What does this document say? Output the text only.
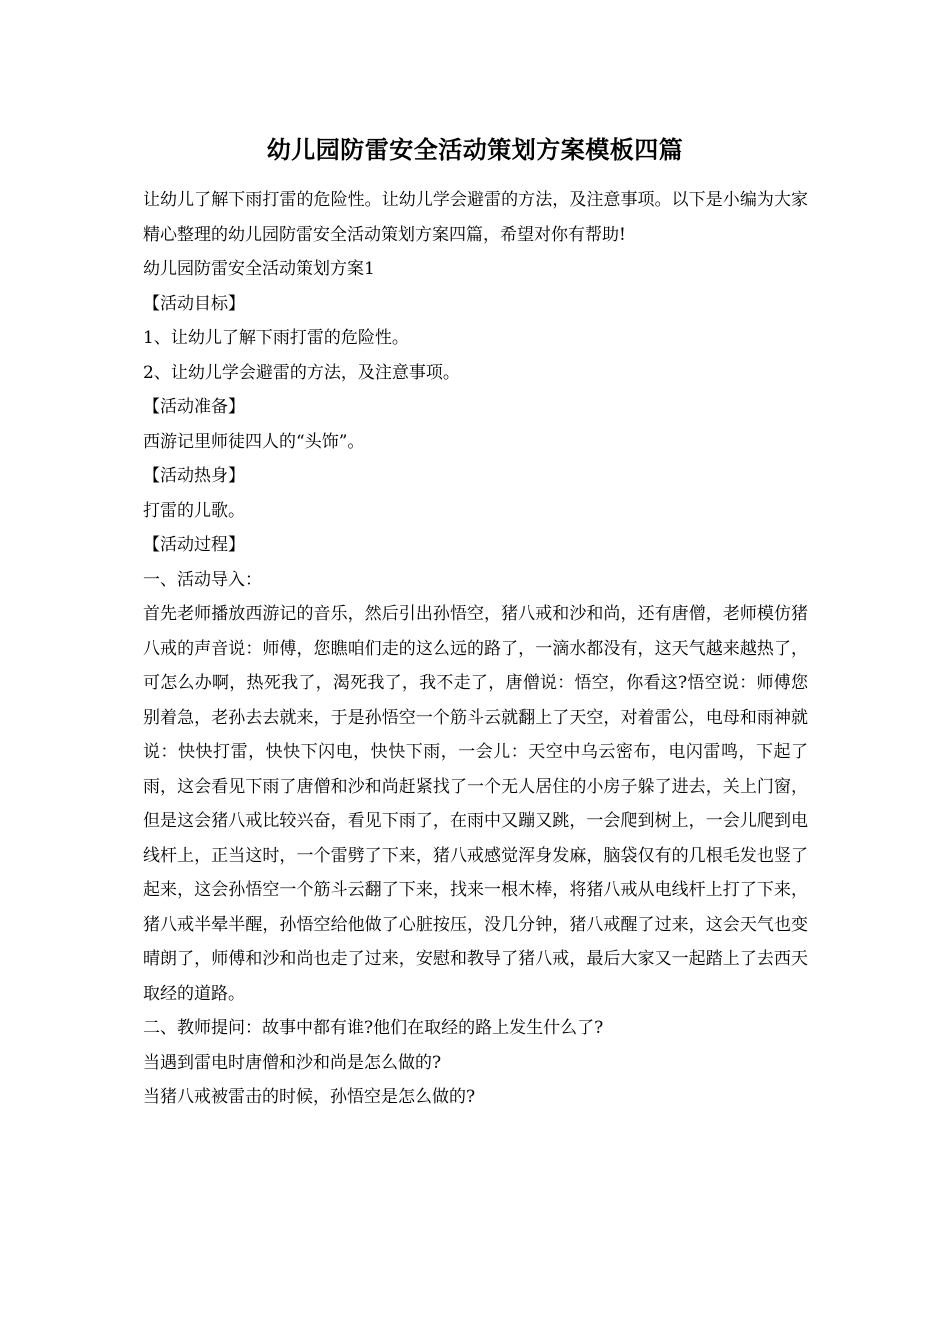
幼儿园防雷安全活动策划方案模板四篇

让幼儿了解下雨打雷的危险性。让幼儿学会避雷的方法，及注意事项。以下是小编为大家精心整理的幼儿园防雷安全活动策划方案四篇，希望对你有帮助!

幼儿园防雷安全活动策划方案1

【活动目标】

1、让幼儿了解下雨打雷的危险性。

2、让幼儿学会避雷的方法，及注意事项。

【活动准备】

西游记里师徒四人的“头饰”。

【活动热身】

打雷的儿歌。

【活动过程】

一、活动导入：

首先老师播放西游记的音乐，然后引出孙悟空，猪八戒和沙和尚，还有唐僧，老师模仿猪八戒的声音说：师傅，您瞧咱们走的这么远的路了，一滴水都没有，这天气越来越热了，可怎么办啊，热死我了，渴死我了，我不走了，唐僧说：悟空，你看这?悟空说：师傅您别着急，老孙去去就来，于是孙悟空一个筋斗云就翻上了天空，对着雷公，电母和雨神就说：快快打雷，快快下闪电，快快下雨，一会儿：天空中乌云密布，电闪雷鸣，下起了雨，这会看见下雨了唐僧和沙和尚赶紧找了一个无人居住的小房子躲了进去，关上门窗，但是这会猪八戒比较兴奋，看见下雨了，在雨中又蹦又跳，一会爬到树上，一会儿爬到电线杆上，正当这时，一个雷劈了下来，猪八戒感觉浑身发麻，脑袋仅有的几根毛发也竖了起来，这会孙悟空一个筋斗云翻了下来，找来一根木棒，将猪八戒从电线杆上打了下来，猪八戒半晕半醒，孙悟空给他做了心脏按压，没几分钟，猪八戒醒了过来，这会天气也变晴朗了，师傅和沙和尚也走了过来，安慰和教导了猪八戒，最后大家又一起踏上了去西天取经的道路。

二、教师提问：故事中都有谁?他们在取经的路上发生什么了?

当遇到雷电时唐僧和沙和尚是怎么做的?

当猪八戒被雷击的时候，孙悟空是怎么做的?
